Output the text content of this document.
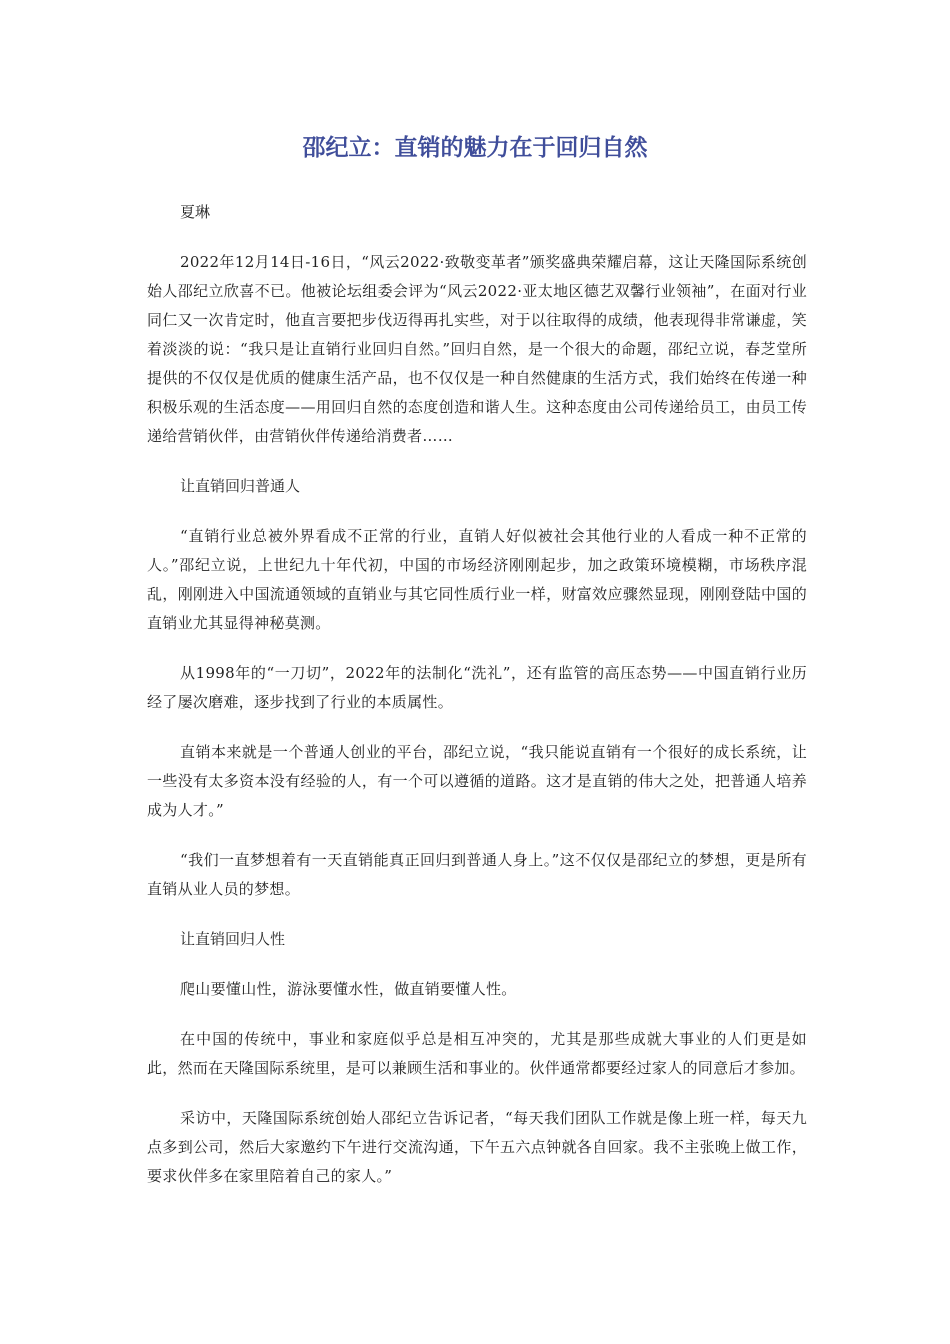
邵纪立：直销的魅力在于回归自然

夏琳

2022年12月14日-16日，“风云2022·致敬变革者”颁奖盛典荣耀启幕，这让天隆国际系统创始人邵纪立欣喜不已。他被论坛组委会评为“风云2022·亚太地区德艺双馨行业领袖”，在面对行业同仁又一次肯定时，他直言要把步伐迈得再扎实些，对于以往取得的成绩，他表现得非常谦虚，笑着淡淡的说：“我只是让直销行业回归自然。”回归自然，是一个很大的命题，邵纪立说，春芝堂所提供的不仅仅是优质的健康生活产品，也不仅仅是一种自然健康的生活方式，我们始终在传递一种积极乐观的生活态度——用回归自然的态度创造和谐人生。这种态度由公司传递给员工，由员工传递给营销伙伴，由营销伙伴传递给消费者……

让直销回归普通人

“直销行业总被外界看成不正常的行业，直销人好似被社会其他行业的人看成一种不正常的人。”邵纪立说，上世纪九十年代初，中国的市场经济刚刚起步，加之政策环境模糊，市场秩序混乱，刚刚进入中国流通领域的直销业与其它同性质行业一样，财富效应骤然显现，刚刚登陆中国的直销业尤其显得神秘莫测。

从1998年的“一刀切”，2022年的法制化“洗礼”，还有监管的高压态势——中国直销行业历经了屡次磨难，逐步找到了行业的本质属性。

直销本来就是一个普通人创业的平台，邵纪立说，“我只能说直销有一个很好的成长系统，让一些没有太多资本没有经验的人，有一个可以遵循的道路。这才是直销的伟大之处，把普通人培养成为人才。”

“我们一直梦想着有一天直销能真正回归到普通人身上。”这不仅仅是邵纪立的梦想，更是所有直销从业人员的梦想。

让直销回归人性

爬山要懂山性，游泳要懂水性，做直销要懂人性。

在中国的传统中，事业和家庭似乎总是相互冲突的，尤其是那些成就大事业的人们更是如此，然而在天隆国际系统里，是可以兼顾生活和事业的。伙伴通常都要经过家人的同意后才参加。

采访中，天隆国际系统创始人邵纪立告诉记者，“每天我们团队工作就是像上班一样，每天九点多到公司，然后大家邀约下午进行交流沟通，下午五六点钟就各自回家。我不主张晚上做工作，要求伙伴多在家里陪着自己的家人。”
